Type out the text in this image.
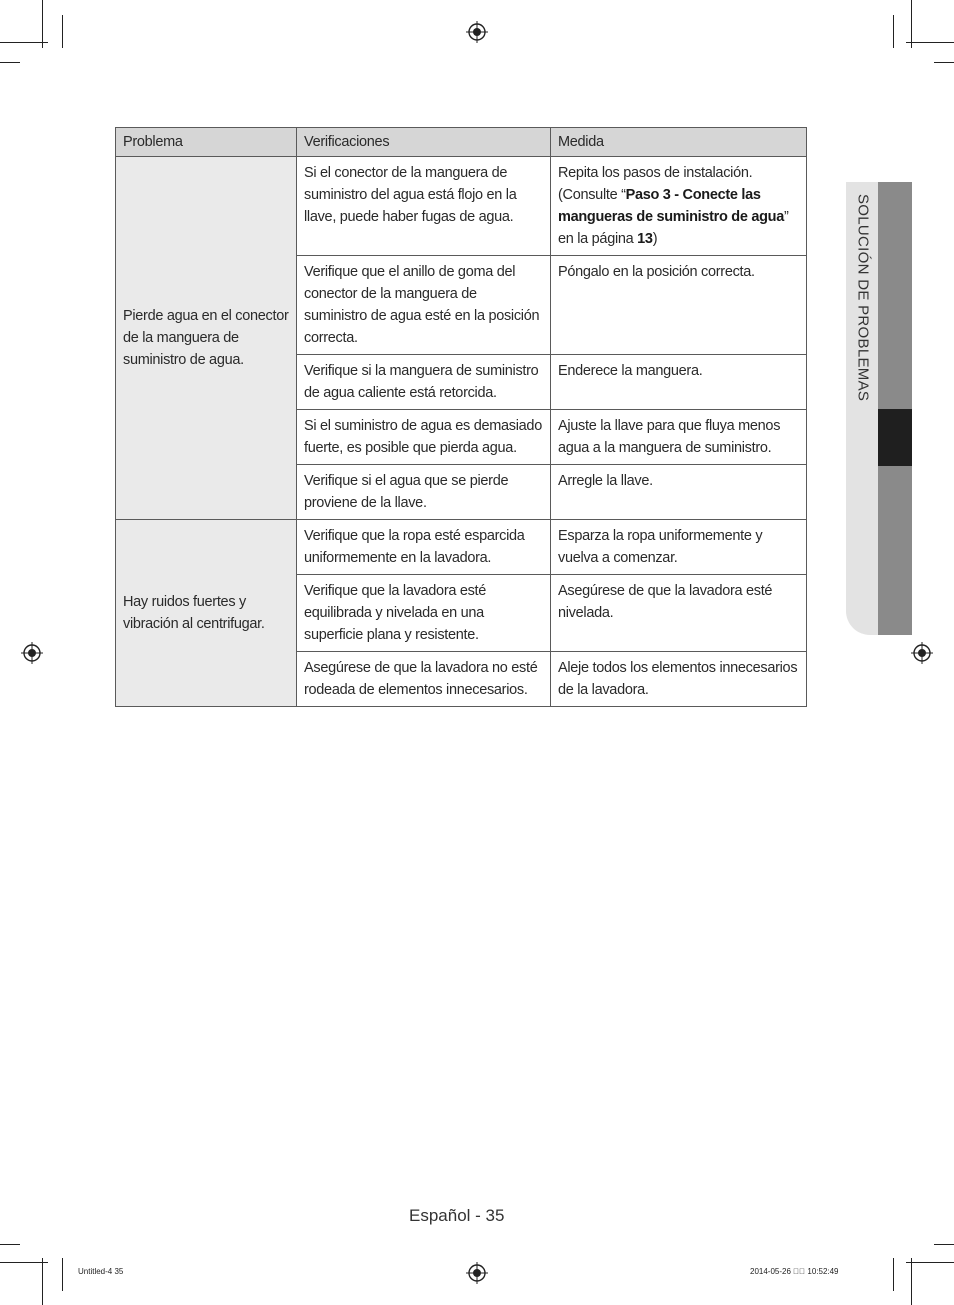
Problema	Verificaciones	Medida
Pierde agua en el conector de la manguera de suministro de agua.	Si el conector de la manguera de suministro del agua está flojo en la llave, puede haber fugas de agua.	Repita los pasos de instalación. (Consulte “Paso 3 - Conecte las mangueras de suministro de agua” en la página 13)
	Verifique que el anillo de goma del conector de la manguera de suministro de agua esté en la posición correcta.	Póngalo en la posición correcta.
	Verifique si la manguera de suministro de agua caliente está retorcida.	Enderece la manguera.
	Si el suministro de agua es demasiado fuerte, es posible que pierda agua.	Ajuste la llave para que fluya menos agua a la manguera de suministro.
	Verifique si el agua que se pierde proviene de la llave.	Arregle la llave.
Hay ruidos fuertes y vibración al centrifugar.	Verifique que la ropa esté esparcida uniformemente en la lavadora.	Esparza la ropa uniformemente y vuelva a comenzar.
	Verifique que la lavadora esté equilibrada y nivelada en una superficie plana y resistente.	Asegúrese de que la lavadora esté nivelada.
	Asegúrese de que la lavadora no esté rodeada de elementos innecesarios.	Aleje todos los elementos innecesarios de la lavadora.
SOLUCIÓN DE PROBLEMAS
Español - 35
Untitled-4 35	2014-05-26 ￿￿ 10:52:49
